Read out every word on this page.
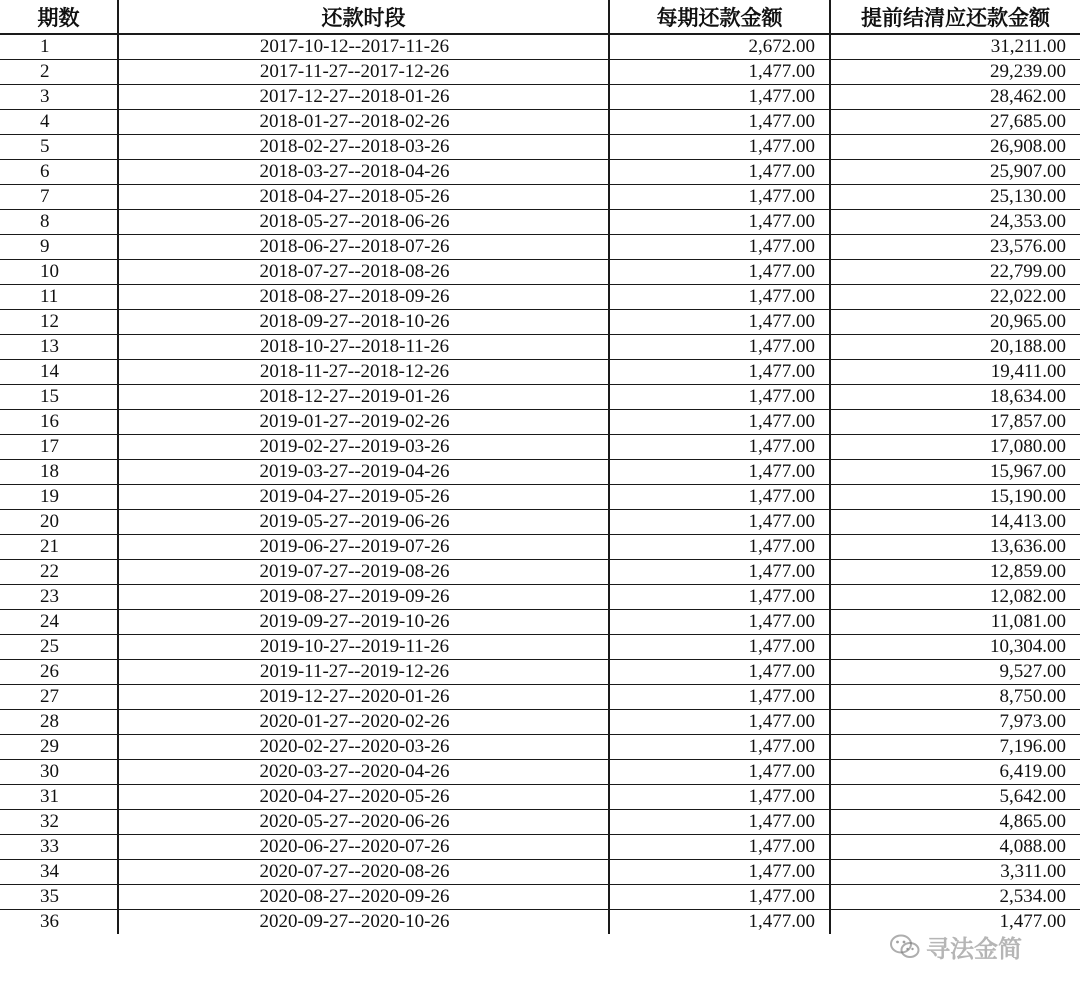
期数	还款时段	每期还款金额	提前结清应还款金额
1	2017-10-12--2017-11-26	2,672.00	31,211.00
2	2017-11-27--2017-12-26	1,477.00	29,239.00
3	2017-12-27--2018-01-26	1,477.00	28,462.00
4	2018-01-27--2018-02-26	1,477.00	27,685.00
5	2018-02-27--2018-03-26	1,477.00	26,908.00
6	2018-03-27--2018-04-26	1,477.00	25,907.00
7	2018-04-27--2018-05-26	1,477.00	25,130.00
8	2018-05-27--2018-06-26	1,477.00	24,353.00
9	2018-06-27--2018-07-26	1,477.00	23,576.00
10	2018-07-27--2018-08-26	1,477.00	22,799.00
11	2018-08-27--2018-09-26	1,477.00	22,022.00
12	2018-09-27--2018-10-26	1,477.00	20,965.00
13	2018-10-27--2018-11-26	1,477.00	20,188.00
14	2018-11-27--2018-12-26	1,477.00	19,411.00
15	2018-12-27--2019-01-26	1,477.00	18,634.00
16	2019-01-27--2019-02-26	1,477.00	17,857.00
17	2019-02-27--2019-03-26	1,477.00	17,080.00
18	2019-03-27--2019-04-26	1,477.00	15,967.00
19	2019-04-27--2019-05-26	1,477.00	15,190.00
20	2019-05-27--2019-06-26	1,477.00	14,413.00
21	2019-06-27--2019-07-26	1,477.00	13,636.00
22	2019-07-27--2019-08-26	1,477.00	12,859.00
23	2019-08-27--2019-09-26	1,477.00	12,082.00
24	2019-09-27--2019-10-26	1,477.00	11,081.00
25	2019-10-27--2019-11-26	1,477.00	10,304.00
26	2019-11-27--2019-12-26	1,477.00	9,527.00
27	2019-12-27--2020-01-26	1,477.00	8,750.00
28	2020-01-27--2020-02-26	1,477.00	7,973.00
29	2020-02-27--2020-03-26	1,477.00	7,196.00
30	2020-03-27--2020-04-26	1,477.00	6,419.00
31	2020-04-27--2020-05-26	1,477.00	5,642.00
32	2020-05-27--2020-06-26	1,477.00	4,865.00
33	2020-06-27--2020-07-26	1,477.00	4,088.00
34	2020-07-27--2020-08-26	1,477.00	3,311.00
35	2020-08-27--2020-09-26	1,477.00	2,534.00
36	2020-09-27--2020-10-26	1,477.00	1,477.00
寻法金简
